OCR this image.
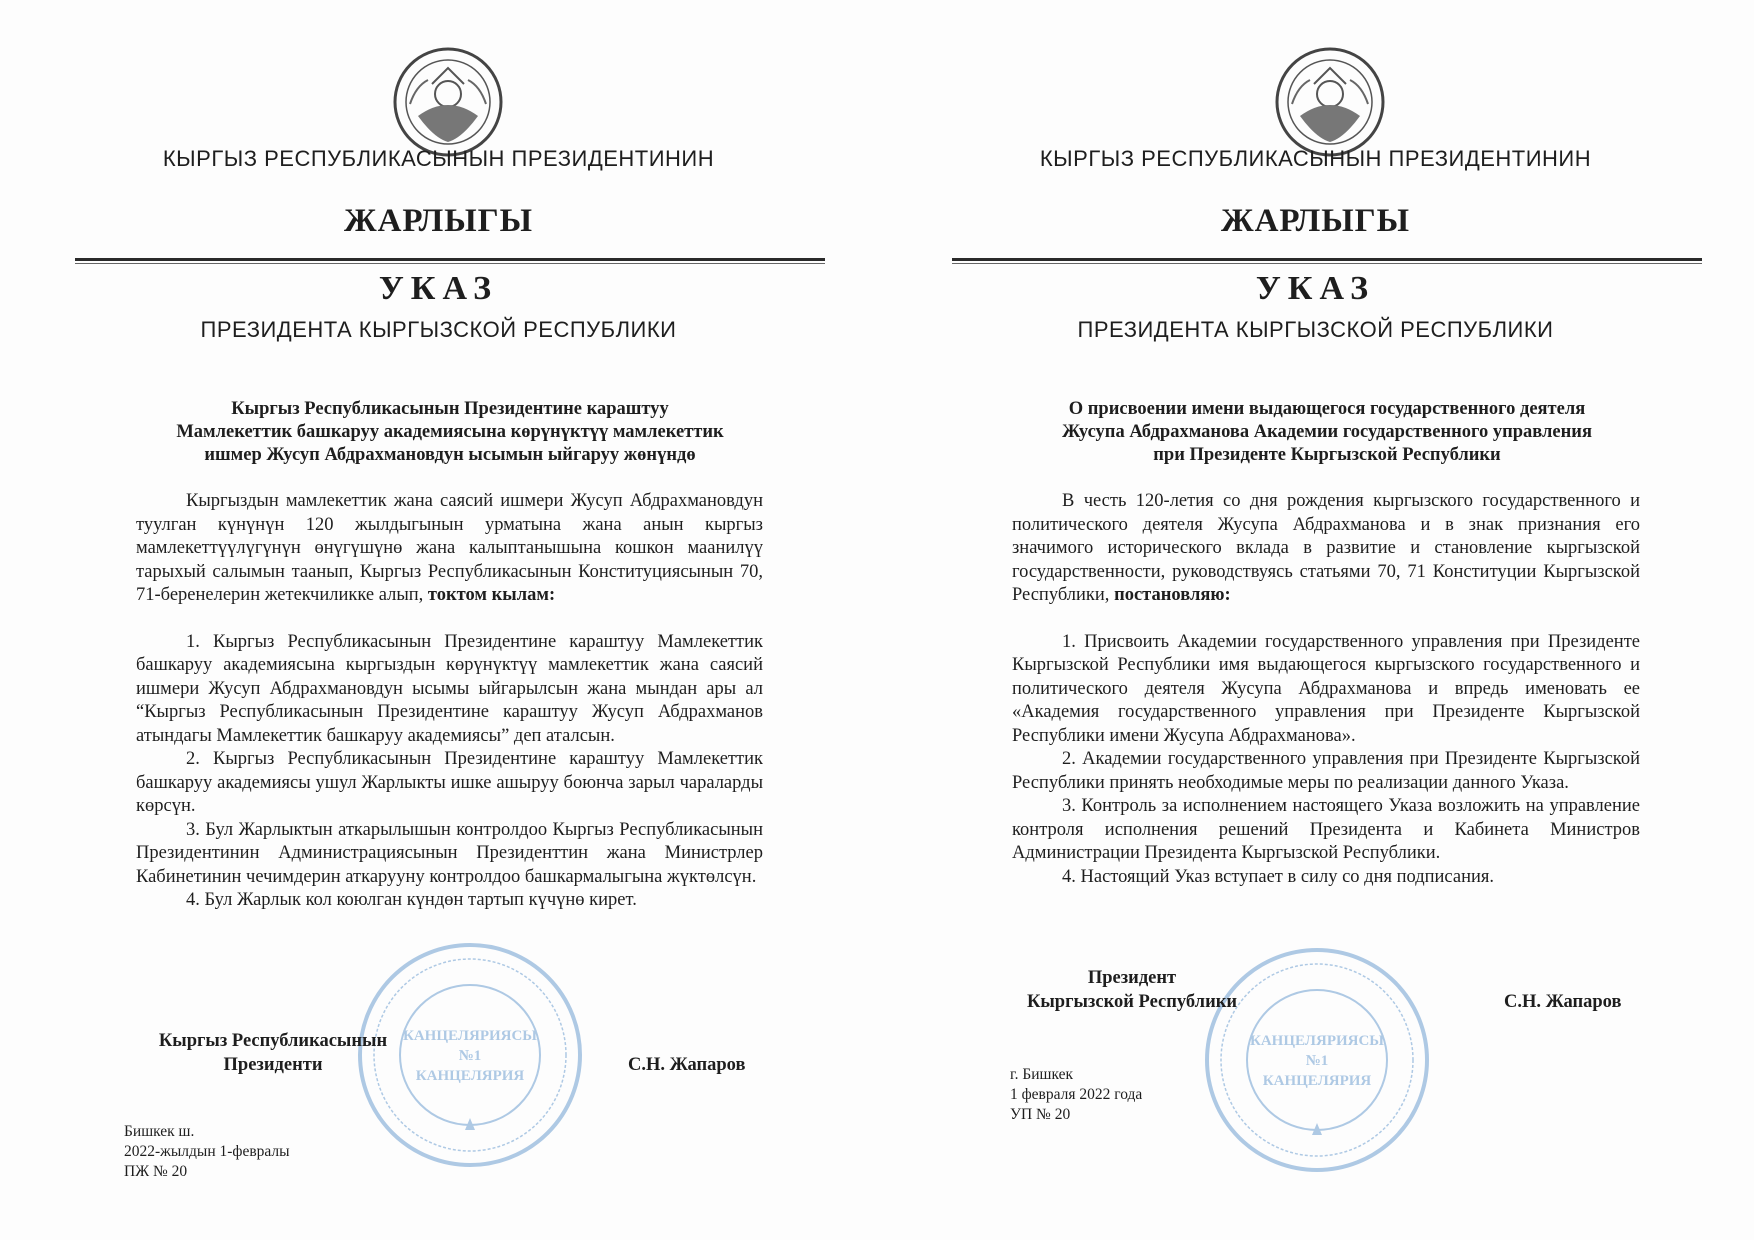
КЫРГЫЗ РЕСПУБЛИКАСЫНЫН ПРЕЗИДЕНТИНИН
ЖАРЛЫГЫ
УКАЗ
ПРЕЗИДЕНТА КЫРГЫЗСКОЙ РЕСПУБЛИКИ
Кыргыз Республикасынын Президентине караштуу
Мамлекеттик башкаруу академиясына көрүнүктүү мамлекеттик
ишмер Жусуп Абдрахмановдун ысымын ыйгаруу жөнүндө

Кыргыздын мамлекеттик жана саясий ишмери Жусуп Абдрахмановдун туулган күнүнүн 120 жылдыгынын урматына жана анын кыргыз мамлекеттүүлүгүнүн өнүгүшүнө жана калыптанышына кошкон маанилүү тарыхый салымын таанып, Кыргыз Республикасынын Конституциясынын 70, 71-беренелерин жетекчиликке алып, токтом кылам:

1. Кыргыз Республикасынын Президентине караштуу Мамлекеттик башкаруу академиясына кыргыздын көрүнүктүү мамлекеттик жана саясий ишмери Жусуп Абдрахмановдун ысымы ыйгарылсын жана мындан ары ал “Кыргыз Республикасынын Президентине караштуу Жусуп Абдрахманов атындагы Мамлекеттик башкаруу академиясы” деп аталсын.

2. Кыргыз Республикасынын Президентине караштуу Мамлекеттик башкаруу академиясы ушул Жарлыкты ишке ашыруу боюнча зарыл чараларды көрсүн.

3. Бул Жарлыктын аткарылышын контролдоо Кыргыз Республикасынын Президентинин Администрациясынын Президенттин жана Министрлер Кабинетинин чечимдерин аткарууну контролдоо башкармалыгына жүктөлсүн.

4. Бул Жарлык кол коюлган күндөн тартып күчүнө кирет.

КАНЦЕЛЯРИЯСЫ
№1
КАНЦЕЛЯРИЯ
Кыргыз Республикасынын
Президенти	С.Н. Жапаров
Бишкек ш.
2022-жылдын 1-февралы
ПЖ № 20
КЫРГЫЗ РЕСПУБЛИКАСЫНЫН ПРЕЗИДЕНТИНИН
ЖАРЛЫГЫ
УКАЗ
ПРЕЗИДЕНТА КЫРГЫЗСКОЙ РЕСПУБЛИКИ
О присвоении имени выдающегося государственного деятеля
Жусупа Абдрахманова Академии государственного управления
при Президенте Кыргызской Республики

В честь 120-летия со дня рождения кыргызского государственного и политического деятеля Жусупа Абдрахманова и в знак признания его значимого исторического вклада в развитие и становление кыргызской государственности, руководствуясь статьями 70, 71 Конституции Кыргызской Республики, постановляю:

1. Присвоить Академии государственного управления при Президенте Кыргызской Республики имя выдающегося кыргызского государственного и политического деятеля Жусупа Абдрахманова и впредь именовать ее «Академия государственного управления при Президенте Кыргызской Республики имени Жусупа Абдрахманова».

2. Академии государственного управления при Президенте Кыргызской Республики принять необходимые меры по реализации данного Указа.

3. Контроль за исполнением настоящего Указа возложить на управление контроля исполнения решений Президента и Кабинета Министров Администрации Президента Кыргызской Республики.

4. Настоящий Указ вступает в силу со дня подписания.

КАНЦЕЛЯРИЯСЫ
№1
КАНЦЕЛЯРИЯ
Президент
Кыргызской Республики	С.Н. Жапаров
г. Бишкек
1 февраля 2022 года
УП № 20
